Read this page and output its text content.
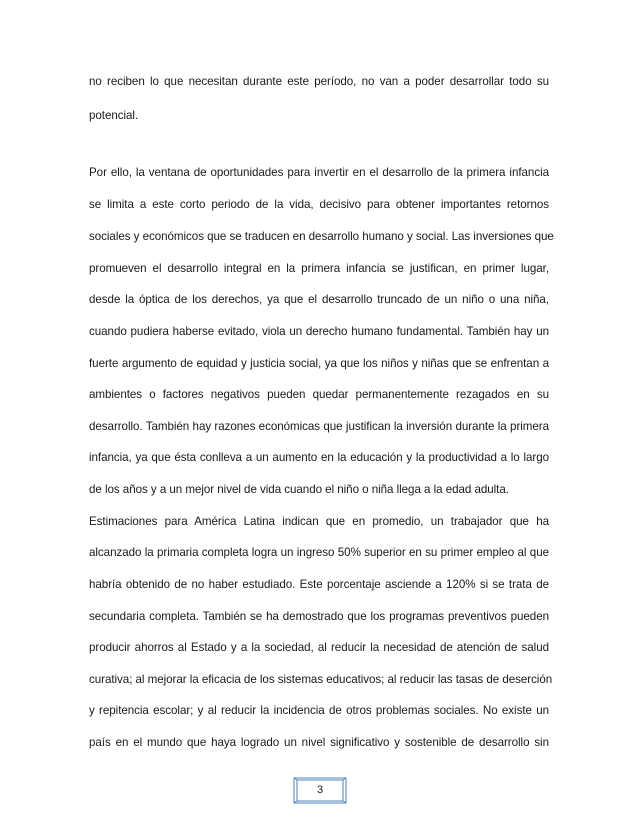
no reciben lo que necesitan durante este período, no van a poder desarrollar todo su
potencial.
Por ello, la ventana de oportunidades para invertir en el desarrollo de la primera infancia
se limita a este corto periodo de la vida, decisivo para obtener importantes retornos
sociales y económicos que se traducen en desarrollo humano y social. Las inversiones que
promueven el desarrollo integral en la primera infancia se justifican, en primer lugar,
desde la óptica de los derechos, ya que el desarrollo truncado de un niño o una niña,
cuando pudiera haberse evitado, viola un derecho humano fundamental. También hay un
fuerte argumento de equidad y justicia social, ya que los niños y niñas que se enfrentan a
ambientes o factores negativos pueden quedar permanentemente rezagados en su
desarrollo. También hay razones económicas que justifican la inversión durante la primera
infancia, ya que ésta conlleva a un aumento en la educación y la productividad a lo largo
de los años y a un mejor nivel de vida cuando el niño o niña llega a la edad adulta.
Estimaciones para América Latina indican que en promedio, un trabajador que ha
alcanzado la primaria completa logra un ingreso 50% superior en su primer empleo al que
habría obtenido de no haber estudiado. Este porcentaje asciende a 120% si se trata de
secundaria completa. También se ha demostrado que los programas preventivos pueden
producir ahorros al Estado y a la sociedad, al reducir la necesidad de atención de salud
curativa; al mejorar la eficacia de los sistemas educativos; al reducir las tasas de deserción
y repitencia escolar; y al reducir la incidencia de otros problemas sociales. No existe un
país en el mundo que haya logrado un nivel significativo y sostenible de desarrollo sin
3
